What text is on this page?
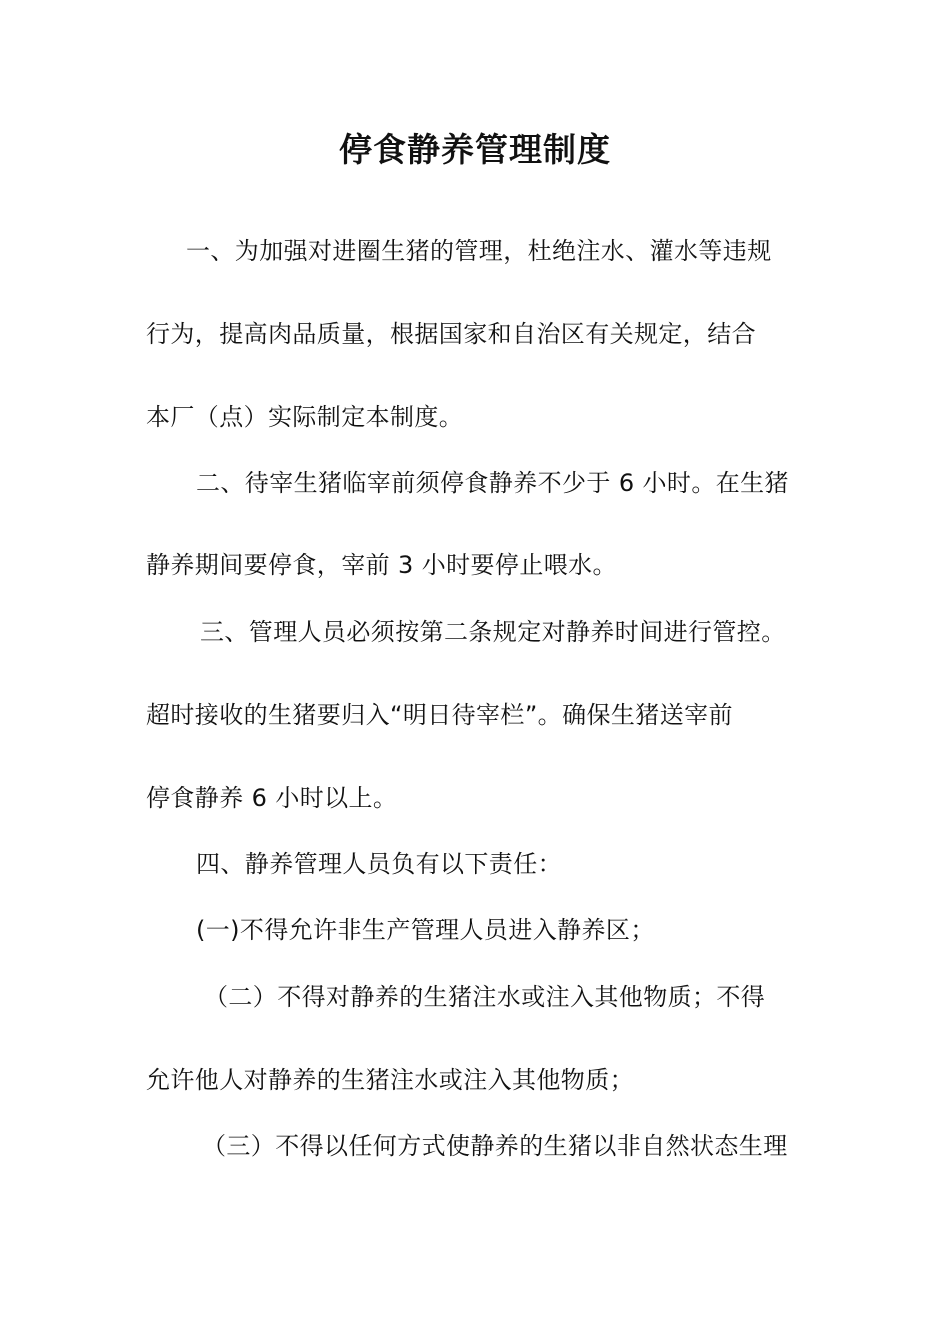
停食静养管理制度
一、为加强对进圈生猪的管理，杜绝注水、灌水等违规
行为，提高肉品质量，根据国家和自治区有关规定，结合
本厂（点）实际制定本制度。
二、待宰生猪临宰前须停食静养不少于 6 小时。在生猪
静养期间要停食，宰前 3 小时要停止喂水。
三、管理人员必须按第二条规定对静养时间进行管控。
超时接收的生猪要归入“明日待宰栏”。确保生猪送宰前
停食静养 6 小时以上。
四、静养管理人员负有以下责任：
(一)不得允许非生产管理人员进入静养区；
（二）不得对静养的生猪注水或注入其他物质；不得
允许他人对静养的生猪注水或注入其他物质；
（三）不得以任何方式使静养的生猪以非自然状态生理
